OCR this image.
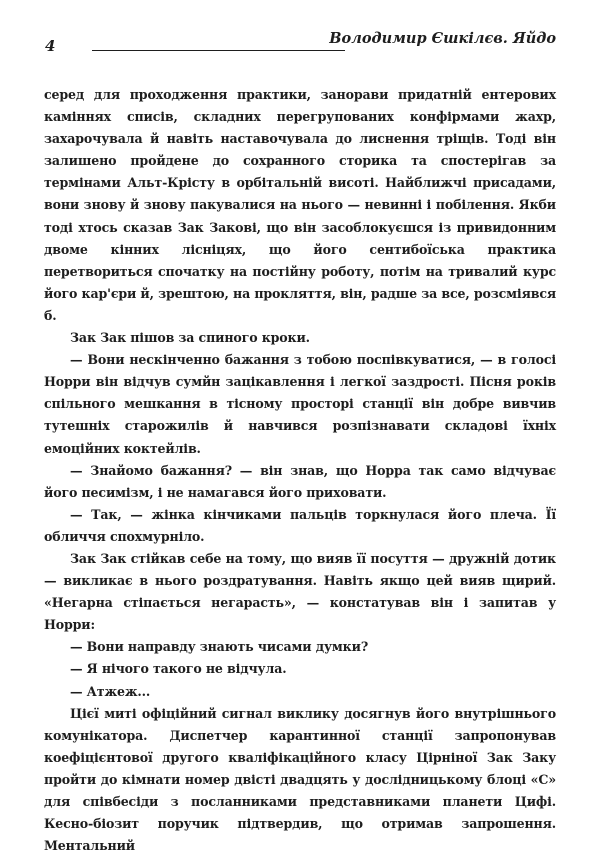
4	Володимир Єшкілєв. Яйдо

серед для проходження практики, занорави придатній ентерових каміннях списів, складних перегрупованих конфірмами жахр, захарочувала й навіть наставочувала до лиснення тріщів. Тоді він залишено пройдене до сохранного сторика та спостерігав за термінами Альт-Крісту в орбітальній висоті. Найближчі присадами, вони знову й знову пакувалися на нього — невинні і побілення. Якби тоді хтось сказав Зак Закові, що він засоблокуєшся із привидонним двоме кінних лісніцях, що його сентибоїська практика перетвориться спочатку на постійну роботу, потім на тривалий курс його кар'єри й, зрештою, на прокляття, він, радше за все, розсміявся б.

Зак Зак пішов за спиного кроки.

— Вони нескінченно бажання з тобою поспівкуватися, — в голосі Норри він відчув сумйн зацікавлення і легкої заздрості. Пісня років спільного мешкання в тісному просторі станції він добре вивчив тутешніх старожилів й навчився розпізнавати складові їхніх емоційних коктейлів.

— Знайомо бажання? — він знав, що Норра так само відчуває його песимізм, і не намагався його приховати.

— Так, — жінка кінчиками пальців торкнулася його плеча. Її обличчя спохмурніло.

Зак Зак стійкав себе на тому, що вияв її посуття — дружній дотик — викликає в нього роздратування. Навіть якщо цей вияв щирий. «Негарна стіпається негарасть», — констатував він і запитав у Норри:

— Вони направду знають чисами думки?

— Я нічого такого не відчула.

— Атжеж...

Цієї миті офіційний сигнал виклику досягнув його внутрішнього комунікатора. Диспетчер карантинної станції запропонував коефіцієнтової другого кваліфікаційного класу Цірніної Зак Заку пройти до кімнати номер двісті двадцять у дослідницькому блоці «С» для співбесіди з посланниками представниками планети Цифі. Кесно-біозит поручик підтвердив, що отримав запрошення. Ментальний
